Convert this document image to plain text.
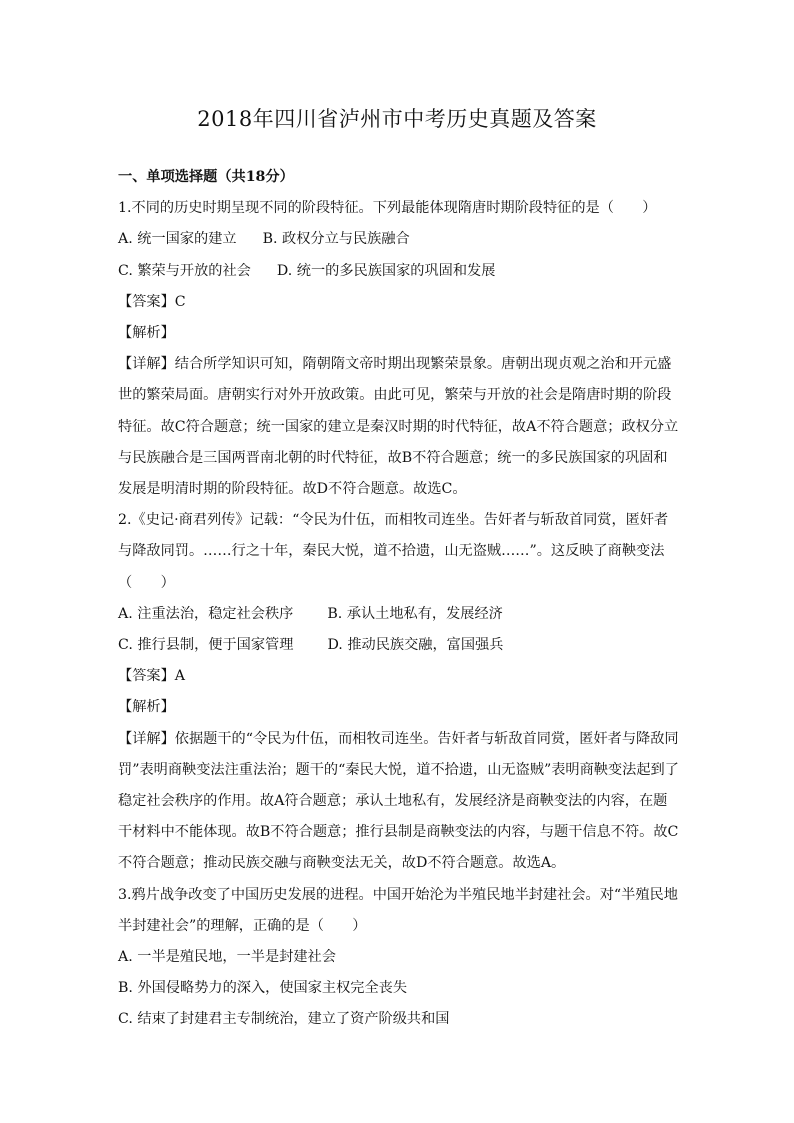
2018年四川省泸州市中考历史真题及答案
一、单项选择题（共18分）
1.不同的历史时期呈现不同的阶段特征。下列最能体现隋唐时期阶段特征的是（　　）
A. 统一国家的建立 B. 政权分立与民族融合
C. 繁荣与开放的社会 D. 统一的多民族国家的巩固和发展
【答案】C
【解析】
【详解】结合所学知识可知，隋朝隋文帝时期出现繁荣景象。唐朝出现贞观之治和开元盛世的繁荣局面。唐朝实行对外开放政策。由此可见，繁荣与开放的社会是隋唐时期的阶段特征。故C符合题意；统一国家的建立是秦汉时期的时代特征，故A不符合题意；政权分立与民族融合是三国两晋南北朝的时代特征，故B不符合题意；统一的多民族国家的巩固和发展是明清时期的阶段特征。故D不符合题意。故选C。
2.《史记·商君列传》记载：“令民为什伍，而相牧司连坐。告奸者与斩敌首同赏，匿奸者与降敌同罚。……行之十年，秦民大悦，道不拾遗，山无盗贼……”。这反映了商鞅变法（　　）
A. 注重法治，稳定社会秩序 B. 承认土地私有，发展经济
C. 推行县制，便于国家管理 D. 推动民族交融，富国强兵
【答案】A
【解析】
【详解】依据题干的“令民为什伍，而相牧司连坐。告奸者与斩敌首同赏，匿奸者与降敌同罚”表明商鞅变法注重法治；题干的“秦民大悦，道不拾遗，山无盗贼”表明商鞅变法起到了稳定社会秩序的作用。故A符合题意；承认土地私有，发展经济是商鞅变法的内容，在题干材料中不能体现。故B不符合题意；推行县制是商鞅变法的内容，与题干信息不符。故C不符合题意；推动民族交融与商鞅变法无关，故D不符合题意。故选A。
3.鸦片战争改变了中国历史发展的进程。中国开始沦为半殖民地半封建社会。对“半殖民地半封建社会”的理解，正确的是（　　）
A. 一半是殖民地，一半是封建社会
B. 外国侵略势力的深入，使国家主权完全丧失
C. 结束了封建君主专制统治，建立了资产阶级共和国
